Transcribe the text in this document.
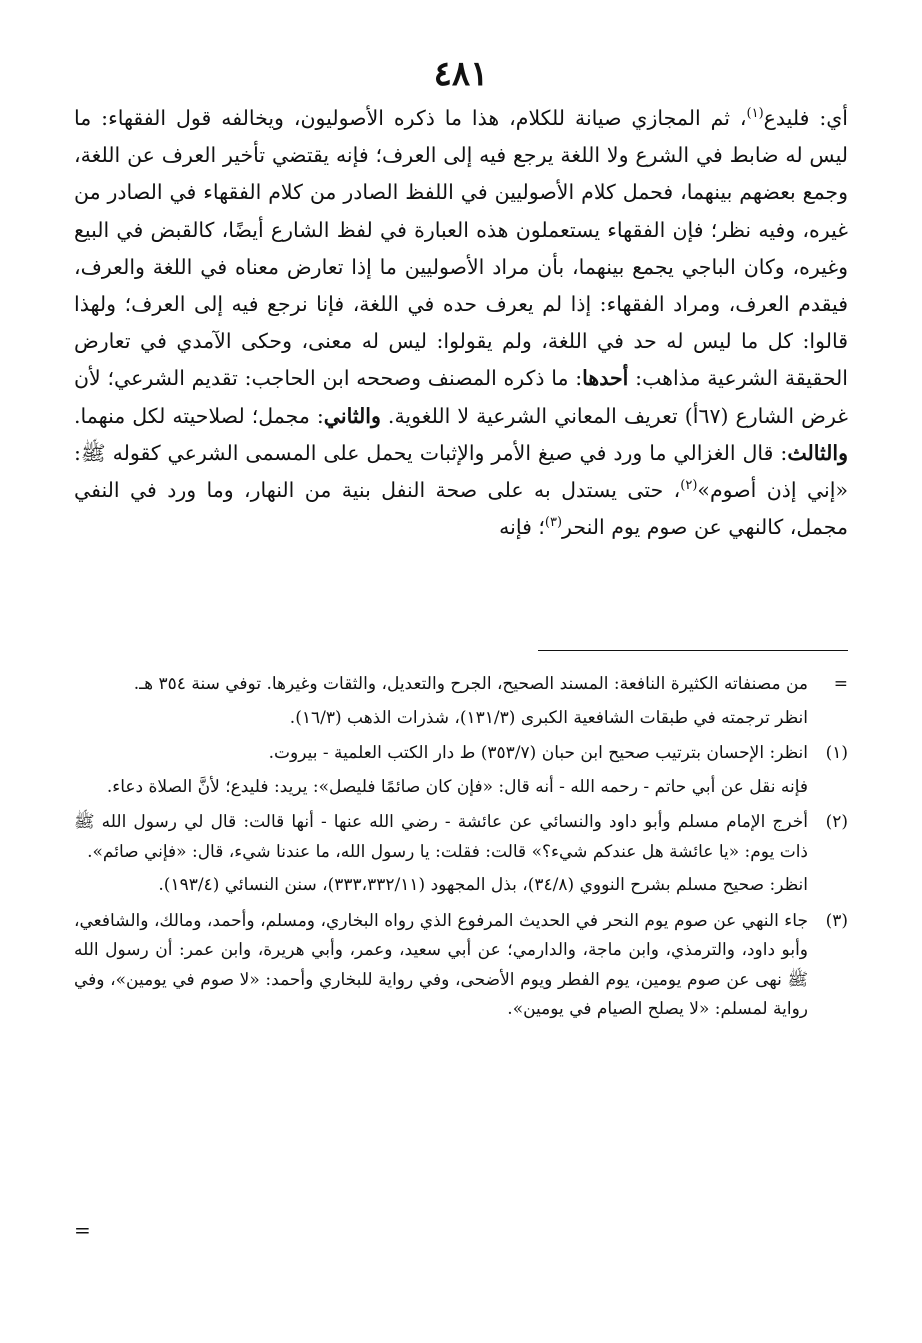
٤٨١

أي: فليدع$^{(١)}$، ثم المجازي صيانة للكلام، هذا ما ذكره الأصوليون، ويخالفه قول الفقهاء: ما ليس له ضابط في الشرع ولا اللغة يرجع فيه إلى العرف؛ فإنه يقتضي تأخير العرف عن اللغة، وجمع بعضهم بينهما، فحمل كلام الأصوليين في اللفظ الصادر من كلام الفقهاء في الصادر من غيره، وفيه نظر؛ فإن الفقهاء يستعملون هذه العبارة في لفظ الشارع أيضًا، كالقبض في البيع وغيره، وكان الباجي يجمع بينهما، بأن مراد الأصوليين ما إذا تعارض معناه في اللغة والعرف، فيقدم العرف، ومراد الفقهاء: إذا لم يعرف حده في اللغة، فإنا نرجع فيه إلى العرف؛ ولهذا قالوا: كل ما ليس له حد في اللغة، ولم يقولوا: ليس له معنى، وحكى الآمدي في تعارض الحقيقة الشرعية مذاهب: أحدها: ما ذكره المصنف وصححه ابن الحاجب: تقديم الشرعي؛ لأن غرض الشارع (٦٧أ) تعريف المعاني الشرعية لا اللغوية. والثاني: مجمل؛ لصلاحيته لكل منهما. والثالث: قال الغزالي ما ورد في صيغ الأمر والإثبات يحمل على المسمى الشرعي كقوله ﷺ: «إني إذن أصوم»$^{(٢)}$، حتى يستدل به على صحة النفل بنية من النهار، وما ورد في النفي مجمل، كالنهي عن صوم يوم النحر$^{(٣)}$؛ فإنه

=

من مصنفاته الكثيرة النافعة: المسند الصحيح، الجرح والتعديل، والثقات وغيرها. توفي سنة ٣٥٤ هـ.

انظر ترجمته في طبقات الشافعية الكبرى (١٣١/٣)، شذرات الذهب (١٦/٣).

(١)

انظر: الإحسان بترتيب صحيح ابن حبان (٣٥٣/٧) ط دار الكتب العلمية - بيروت.

فإنه نقل عن أبي حاتم - رحمه الله - أنه قال: «فإن كان صائمًا فليصل»: يريد: فليدع؛ لأنَّ الصلاة دعاء.

(٢)

أخرج الإمام مسلم وأبو داود والنسائي عن عائشة - رضي الله عنها - أنها قالت: قال لي رسول الله ﷺ ذات يوم: «يا عائشة هل عندكم شيء؟» قالت: فقلت: يا رسول الله، ما عندنا شيء، قال: «فإني صائم».

انظر: صحيح مسلم بشرح النووي (٣٤/٨)، بذل المجهود (٣٣٣،٣٣٢/١١)، سنن النسائي (١٩٣/٤).

(٣)

جاء النهي عن صوم يوم النحر في الحديث المرفوع الذي رواه البخاري، ومسلم، وأحمد، ومالك، والشافعي، وأبو داود، والترمذي، وابن ماجة، والدارمي؛ عن أبي سعيد، وعمر، وأبي هريرة، وابن عمر: أن رسول الله ﷺ نهى عن صوم يومين، يوم الفطر ويوم الأضحى، وفي رواية للبخاري وأحمد: «لا صوم في يومين»، وفي رواية لمسلم: «لا يصلح الصيام في يومين».

=
